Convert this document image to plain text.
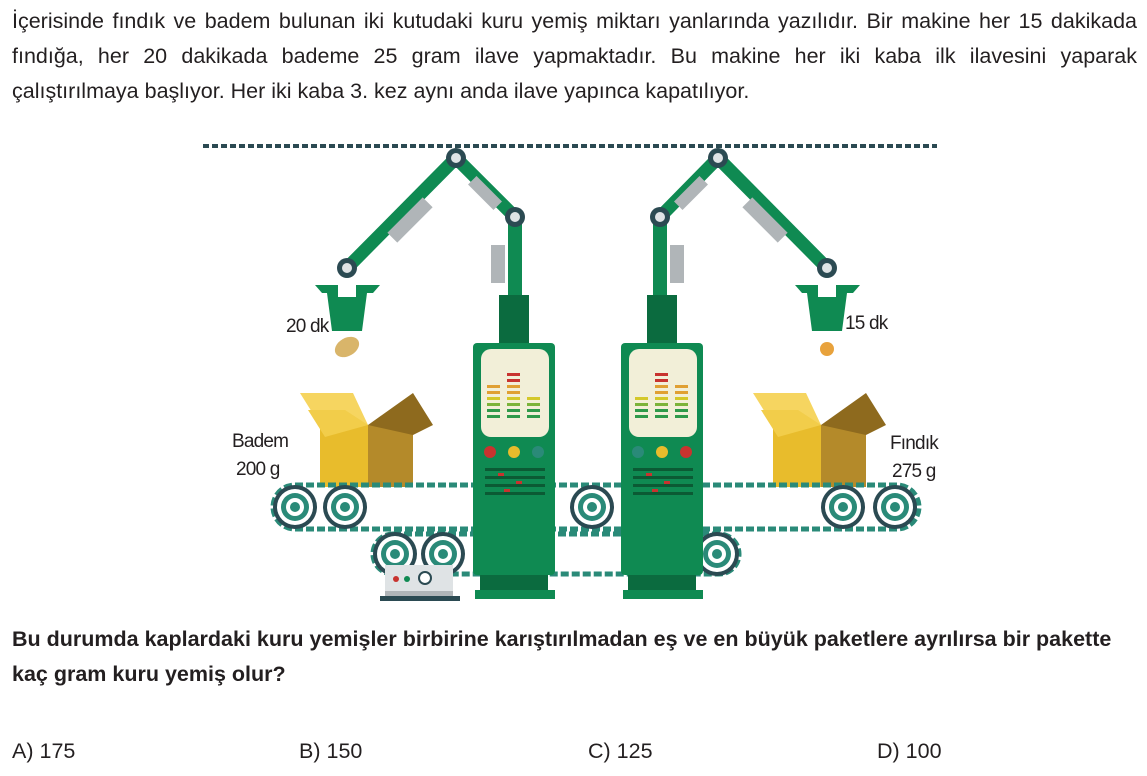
İçerisinde fındık ve badem bulunan iki kutudaki kuru yemiş miktarı yanlarında yazılıdır. Bir makine her 15 dakikada fındığa, her 20 dakikada bademe 25 gram ilave yapmaktadır. Bu makine her iki kaba ilk ilavesini yaparak çalıştırılmaya başlıyor. Her iki kaba 3. kez aynı anda ilave yapınca kapatılıyor.

20 dk	15 dk
Badem
200 g
Fındık
275 g

Bu durumda kaplardaki kuru yemişler birbirine karıştırılmadan eş ve en büyük paketlere ayrılırsa bir pakette kaç gram kuru yemiş olur?

A) 175	B) 150	C) 125	D) 100
